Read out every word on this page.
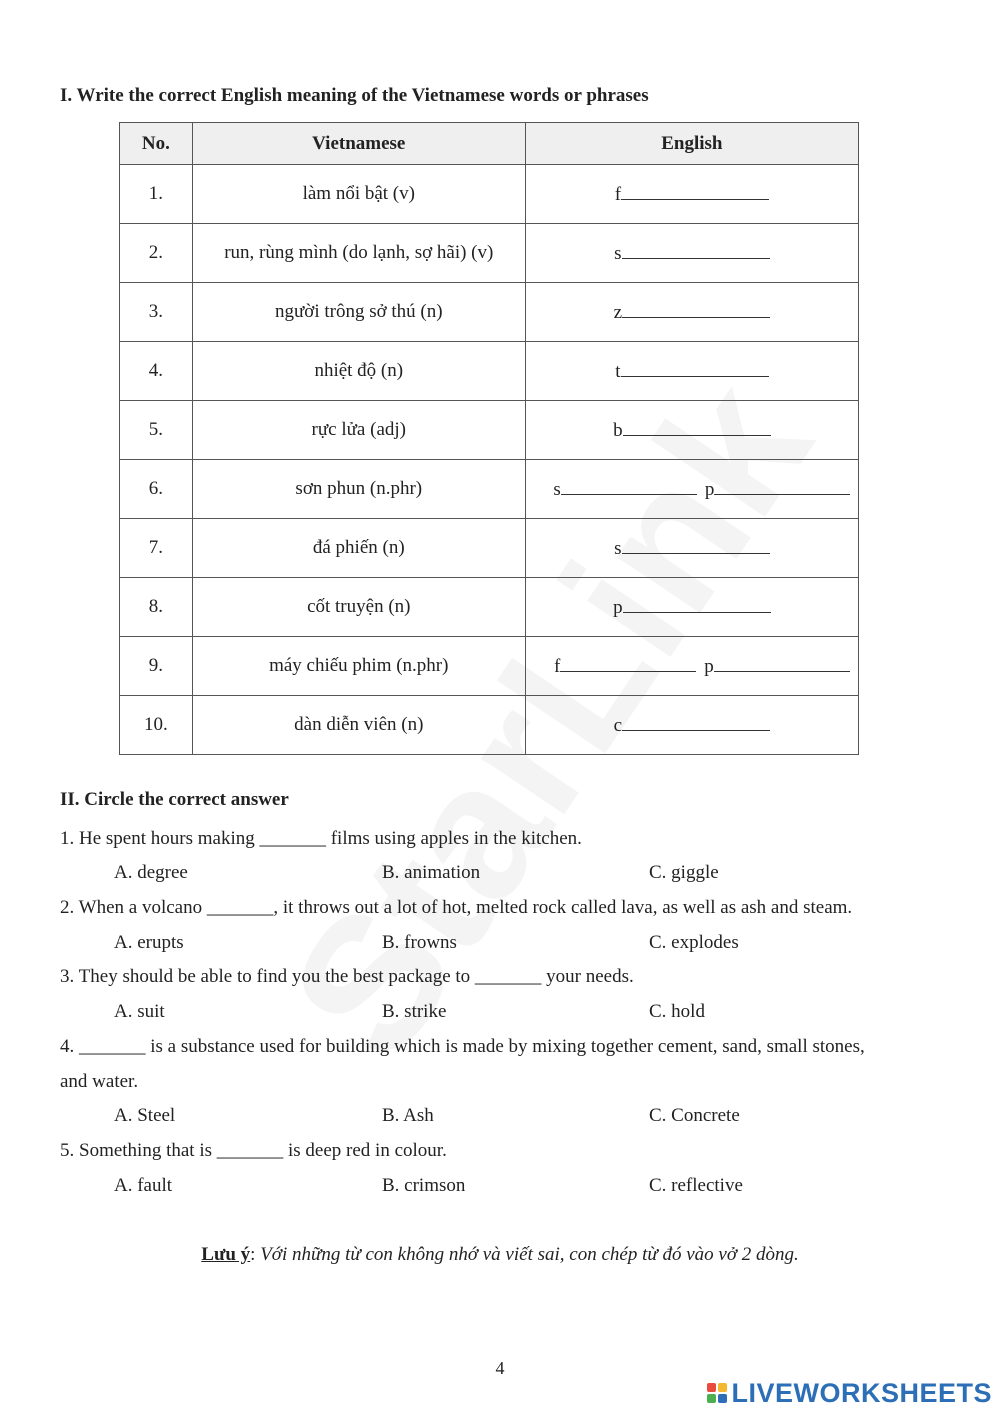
I. Write the correct English meaning of the Vietnamese words or phrases
No.	Vietnamese	English
1.	làm nổi bật (v)	f
2.	run, rùng mình (do lạnh, sợ hãi) (v)	s
3.	người trông sở thú (n)	z
4.	nhiệt độ (n)	t
5.	rực lửa (adj)	b
6.	sơn phun (n.phr)	s p
7.	đá phiến (n)	s
8.	cốt truyện (n)	p
9.	máy chiếu phim (n.phr)	f p
10.	dàn diễn viên (n)	c
II. Circle the correct answer
1. He spent hours making _______ films using apples in the kitchen.
A. degree	B. animation	C. giggle
2. When a volcano _______, it throws out a lot of hot, melted rock called lava, as well as ash and steam.
A. erupts	B. frowns	C. explodes
3. They should be able to find you the best package to _______ your needs.
A. suit	B. strike	C. hold
4. _______ is a substance used for building which is made by mixing together cement, sand, small stones,
and water.
A. Steel	B. Ash	C. Concrete
5. Something that is _______ is deep red in colour.
A. fault	B. crimson	C. reflective
Lưu ý: Với những từ con không nhớ và viết sai, con chép từ đó vào vở 2 dòng.
4
LIVEWORKSHEETS
